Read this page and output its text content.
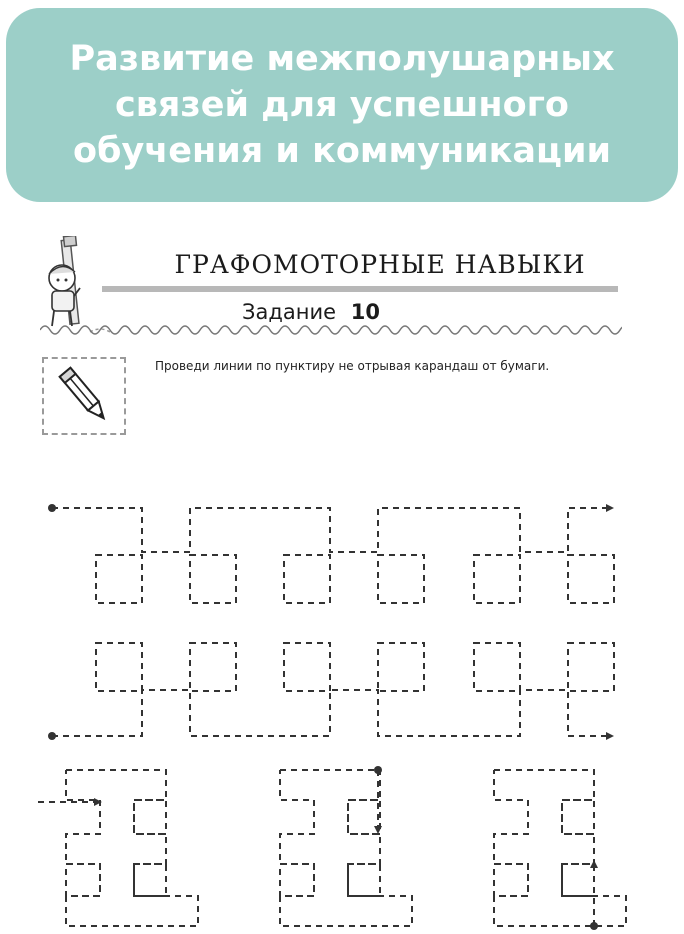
Развитие межполушарных
связей для успешного
обучения и коммуникации

ГРАФОМОТОРНЫЕ НАВЫКИ
Задание 10
Проведи линии по пунктиру не отрывая карандаш от бумаги.
